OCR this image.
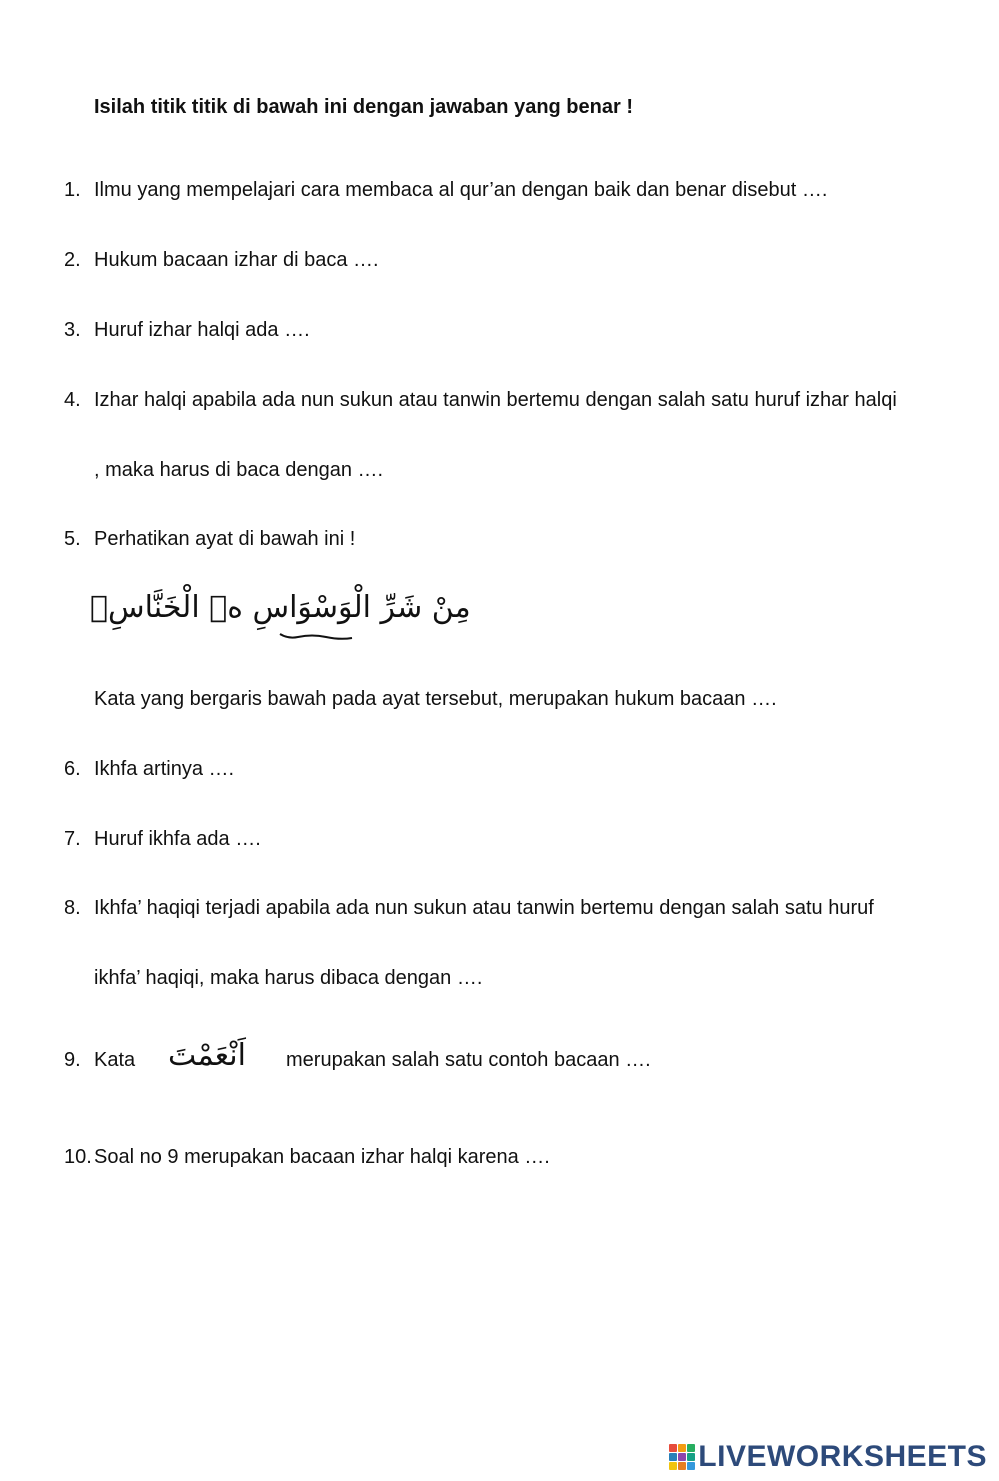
Isilah titik titik di bawah ini dengan jawaban yang benar !
1. Ilmu yang mempelajari cara membaca al qur’an dengan baik dan benar disebut ….
2. Hukum bacaan izhar di baca ….
3. Huruf izhar halqi ada ….
4. Izhar halqi apabila ada nun sukun atau tanwin bertemu dengan salah satu huruf izhar halqi
, maka harus di baca dengan ….
5. Perhatikan ayat di bawah ini !
مِنْ شَرِّ الْوَسْوَاسِ ەۙ الْخَنَّاسِۖ
Kata yang bergaris bawah pada ayat tersebut, merupakan hukum bacaan ….
6. Ikhfa artinya ….
7. Huruf ikhfa ada ….
8. Ikhfa’ haqiqi terjadi apabila ada nun sukun atau tanwin bertemu dengan salah satu huruf
ikhfa’ haqiqi, maka harus dibaca dengan ….
9. Kata اَنْعَمْتَ merupakan salah satu contoh bacaan ….
10. Soal no 9 merupakan bacaan izhar halqi karena ….
LIVEWORKSHEETS
